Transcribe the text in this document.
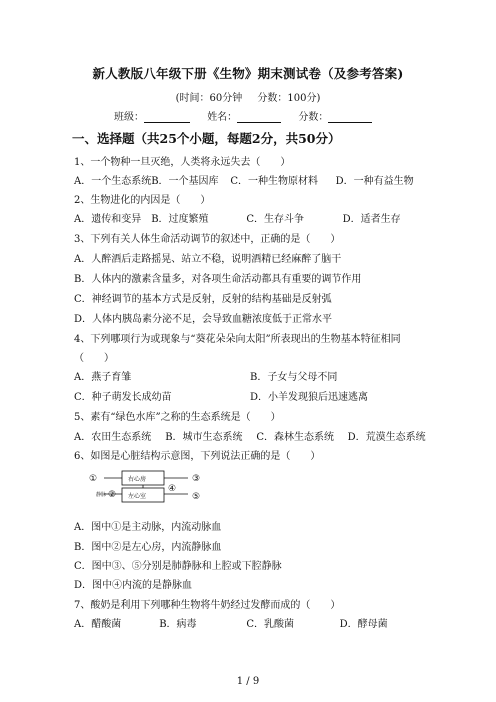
新人教版八年级下册《生物》期末测试卷（及参考答案)
(时间：60分钟 分数：100分)
班级：	姓名：	分数：
一、选择题（共25个小题，每题2分，共50分）
1、一个物种一旦灭绝，人类将永远失去（　　）
A．一个生态系统 B．一个基因库 C．一种生物原材料 D．一种有益生物
2、生物进化的内因是（　　）
A．遗传和变异 B．过度繁殖	C．生存斗争	D．适者生存
3、下列有关人体生命活动调节的叙述中，正确的是（　　）
A．人醉酒后走路摇晃、站立不稳，说明酒精已经麻醉了脑干
B．人体内的激素含量多，对各项生命活动都具有重要的调节作用
C．神经调节的基本方式是反射，反射的结构基础是反射弧
D．人体内胰岛素分泌不足，会导致血糖浓度低于正常水平
4、下列哪项行为或现象与“葵花朵朵向太阳”所表现出的生物基本特征相同
（　　）
A．燕子育雏	B．子女与父母不同
C．种子萌发长成幼苗	D．小羊发现狼后迅速逃离
5、素有“绿色水库”之称的生态系统是（　　）
A．农田生态系统 B．城市生态系统 C．森林生态系统 D．荒漠生态系统
6、如图是心脏结构示意图，下列说法正确的是（　　）
①
静脉 ②
右心房
左心室
③
④
⑤
A．图中①是主动脉，内流动脉血
B．图中②是左心房，内流静脉血
C．图中③、⑤分别是肺静脉和上腔或下腔静脉
D．图中④内流的是静脉血
7、酸奶是利用下列哪种生物将牛奶经过发酵而成的（　　）
A．醋酸菌	B．病毒	C．乳酸菌	D．酵母菌
1 / 9
